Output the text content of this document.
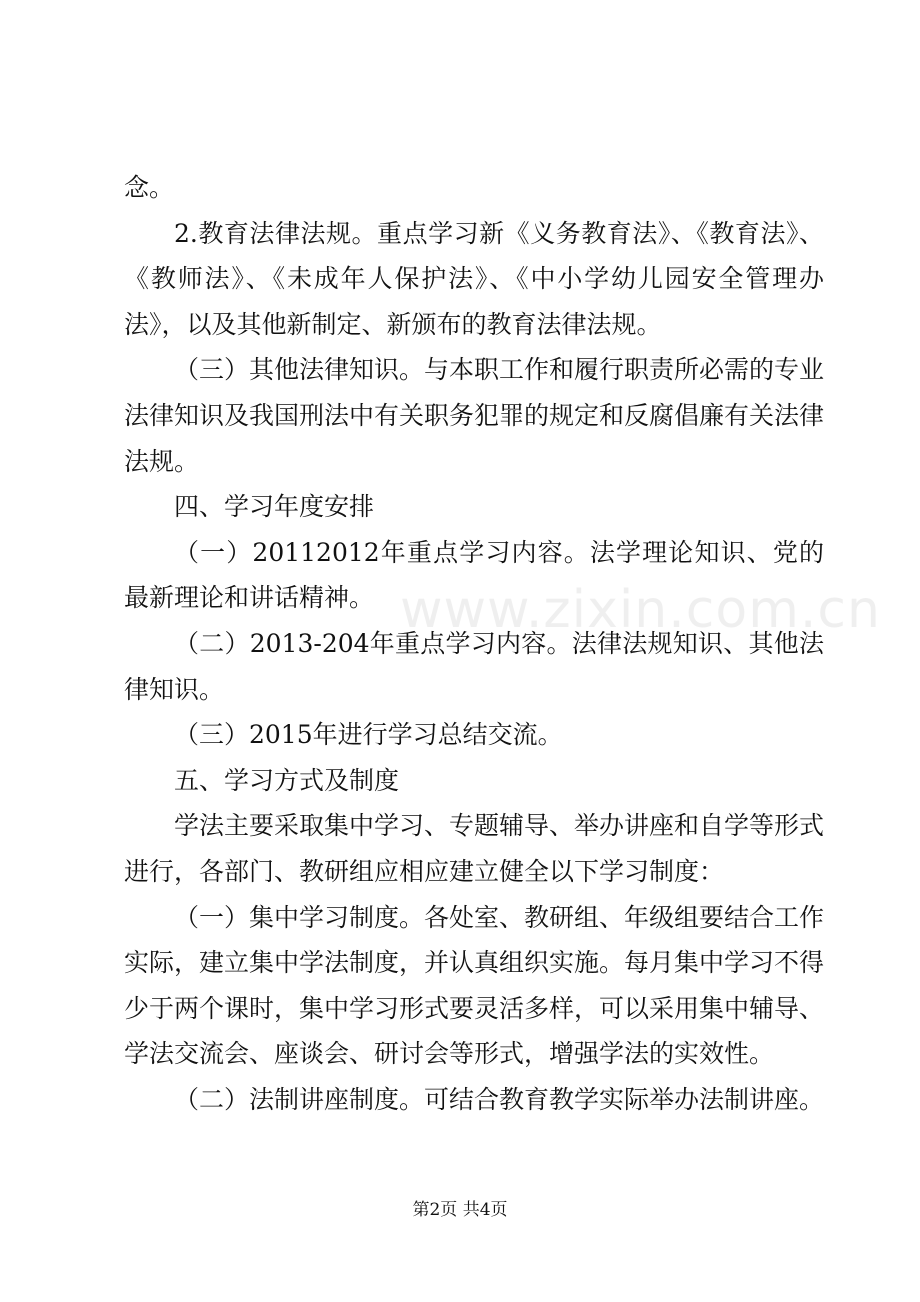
念。

2.教育法律法规。重点学习新《义务教育法》、《教育法》、《教师法》、《未成年人保护法》、《中小学幼儿园安全管理办法》，以及其他新制定、新颁布的教育法律法规。

（三）其他法律知识。与本职工作和履行职责所必需的专业法律知识及我国刑法中有关职务犯罪的规定和反腐倡廉有关法律法规。

四、学习年度安排

（一）20112012年重点学习内容。法学理论知识、党的最新理论和讲话精神。

（二）2013-204年重点学习内容。法律法规知识、其他法律知识。

（三）2015年进行学习总结交流。

五、学习方式及制度

学法主要采取集中学习、专题辅导、举办讲座和自学等形式进行，各部门、教研组应相应建立健全以下学习制度：

（一）集中学习制度。各处室、教研组、年级组要结合工作实际，建立集中学法制度，并认真组织实施。每月集中学习不得少于两个课时，集中学习形式要灵活多样，可以采用集中辅导、学法交流会、座谈会、研讨会等形式，增强学法的实效性。

（二）法制讲座制度。可结合教育教学实际举办法制讲座。

www.zixin.com.cn
第2页 共4页
